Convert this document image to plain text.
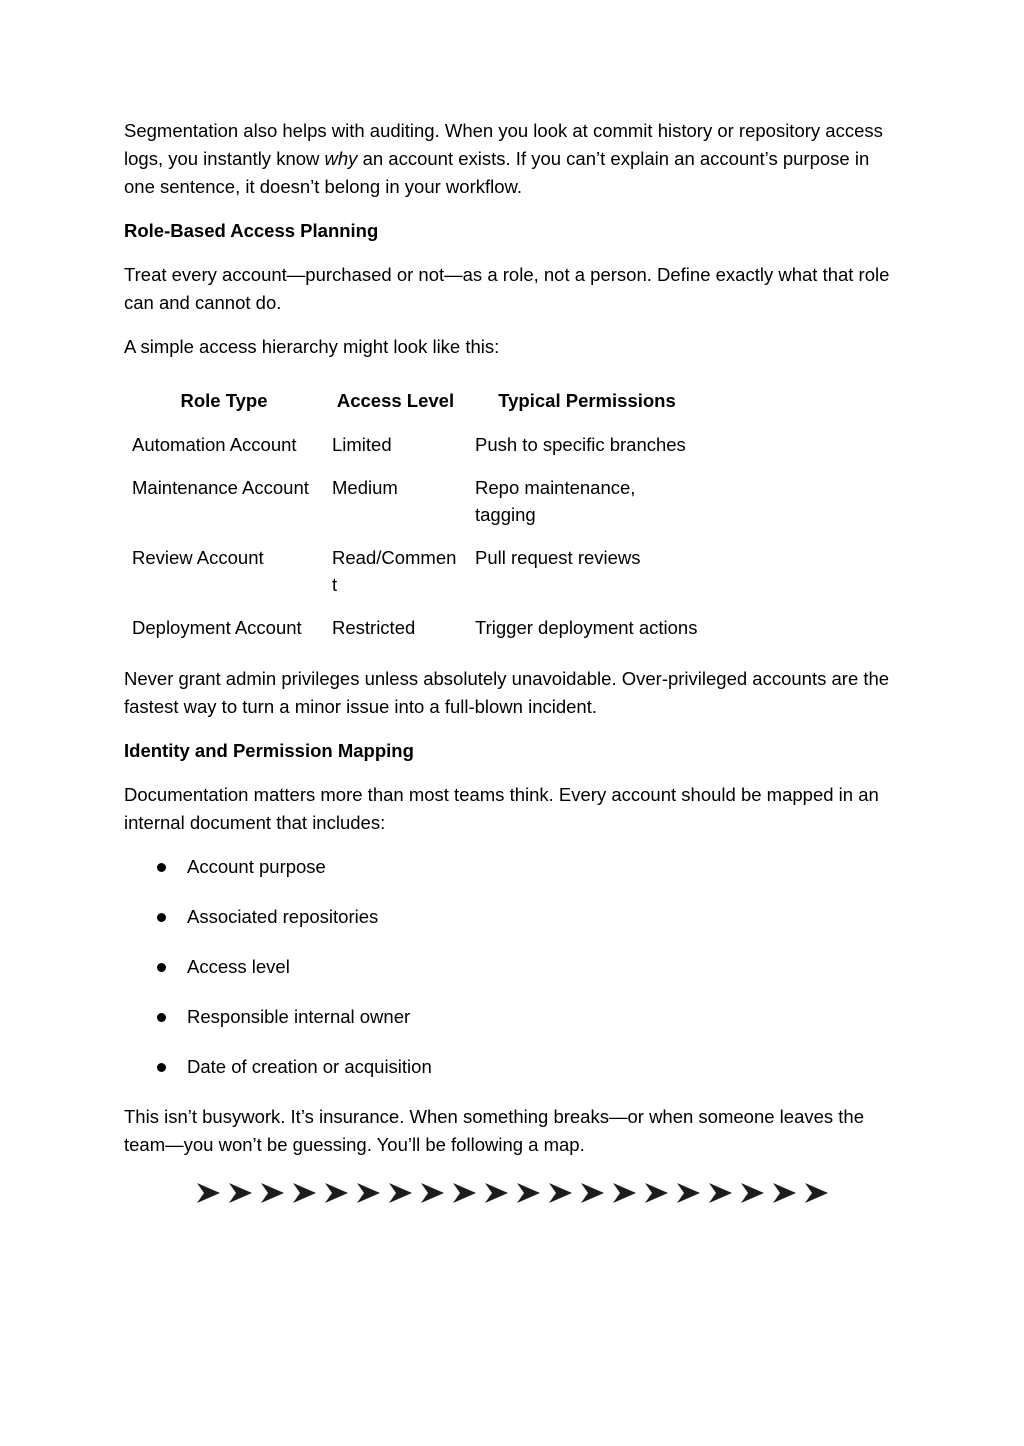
Segmentation also helps with auditing. When you look at commit history or repository access logs, you instantly know why an account exists. If you can’t explain an account’s purpose in one sentence, it doesn’t belong in your workflow.

Role-Based Access Planning

Treat every account—purchased or not—as a role, not a person. Define exactly what that role can and cannot do.

A simple access hierarchy might look like this:

Role Type	Access Level	Typical Permissions
Automation Account	Limited	Push to specific branches
Maintenance Account	Medium	Repo maintenance, tagging
Review Account	Read/Comment	Pull request reviews
Deployment Account	Restricted	Trigger deployment actions

Never grant admin privileges unless absolutely unavoidable. Over-privileged accounts are the fastest way to turn a minor issue into a full-blown incident.

Identity and Permission Mapping

Documentation matters more than most teams think. Every account should be mapped in an internal document that includes:

Account purpose
Associated repositories
Access level
Responsible internal owner
Date of creation or acquisition

This isn’t busywork. It’s insurance. When something breaks—or when someone leaves the team—you won’t be guessing. You’ll be following a map.
